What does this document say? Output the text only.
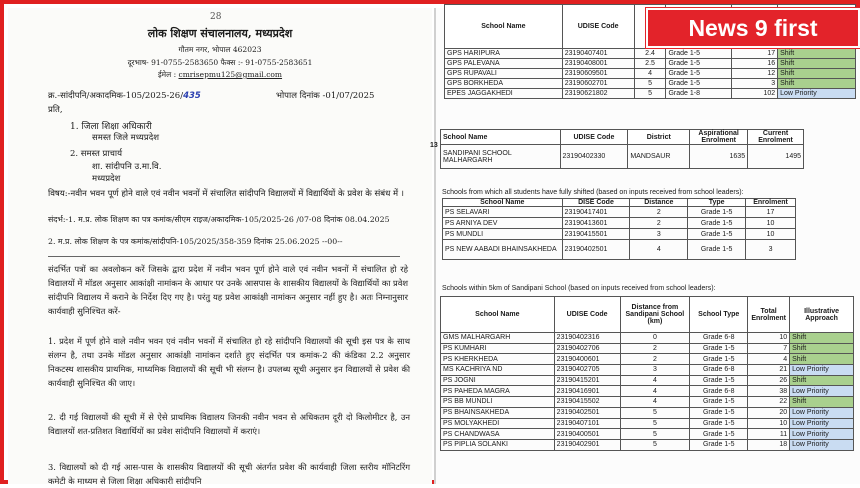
28
लोक शिक्षण संचालनालय, मध्यप्रदेश
गौतम नगर, भोपाल 462023
दूरभाष- 91-0755-2583650 फैक्स :- 91-0755-2583651
ईमेल : cmrisepmu125@gmail.com
क्र.-सांदीपनि/अकादमिक-105/2025-26/435	भोपाल दिनांक -01/07/2025
प्रति,
1. जिला शिक्षा अधिकारी
समस्त जिले मध्यप्रदेश
2. समस्त प्राचार्य
शा. सांदीपनि उ.मा.वि.
मध्यप्रदेश
विषय:-नवीन भवन पूर्ण होने वाले एवं नवीन भवनों में संचालित सांदीपनि विद्यालयों में विद्यार्थियों के प्रवेश के संबंध में ।
संदर्भ:-1. म.प्र. लोक शिक्षण का पत्र कमांक/सीएम राइज/अकादमिक-105/2025-26 /07-08 दिनांक 08.04.2025
2. म.प्र. लोक शिक्षण के पत्र कमांक/सांदीपनि-105/2025/358-359 दिनांक 25.06.2025 --00--
संदर्भित पत्रों का अवलोकन करें जिसके द्वारा प्रदेश में नवीन भवन पूर्ण होने वाले एवं नवीन भवनों में संचालित हो रहे विद्यालयों में मॉडल अनुसार आकांक्षी नामांकन के आधार पर उनके आसपास के शासकीय विद्यालयों के विद्यार्थियों का प्रवेश सांदीपनि विद्यालय में कराने के निर्देश दिए गए है। परंतु यह प्रवेश आकांक्षी नामांकन अनुसार नहीं हुए है। अतः निम्नानुसार कार्यवाही सुनिश्चित करें-
1. प्रदेश में पूर्ण होने वाले नवीन भवन एवं नवीन भवनों में संचालित हो रहे सांदीपनि विद्यालयों की सूची इस पत्र के साथ संलग्न है, तथा उनके मॉडल अनुसार आकांक्षी नामांकन दर्शाते हुए संदर्भित पत्र कमांक-2 की कंडिका 2.2 अनुसार निकटस्थ शासकीय प्राथमिक, माध्यमिक विद्यालयों की सूची भी संलग्न है। उपलब्ध सूची अनुसार इन विद्यालयों से प्रवेश की कार्यवाही सुनिश्चित की जाए।
2. दी गई विद्यालयों की सूची में से ऐसे प्राथमिक विद्यालय जिनकी नवीन भवन से अधिकतम दूरी दो किलोमीटर है, उन विद्यालयों शत-प्रतिशत विद्यार्थियों का प्रवेश सांदीपनि विद्यालयों में कराएं।
3. विद्यालयों को दी गई आस-पास के शासकीय विद्यालयों की सूची अंतर्गत प्रवेश की कार्यवाही जिला स्तरीय मॉनिटरिंग कमेटी के माध्यम से जिला शिक्षा अधिकारी सांदीपनि
School Name	UDISE Code				
GPS HARIPURA	23190407401	2.4	Grade 1-5	17	Shift
GPS PALEVANA	23190408001	2.5	Grade 1-5	16	Shift
GPS RUPAVALI	23190609501	4	Grade 1-5	12	Shift
GPS BORKHEDA	23190602701	5	Grade 1-5	3	Shift
EPES JAGGAKHEDI	23190621802	5	Grade 1-8	102	Low Priority
13
School Name	UDISE Code	District	Aspirational Enrolment	Current Enrolment
SANDIPANI SCHOOL MALHARGARH	23190402330	MANDSAUR	1635	1495
Schools from which all students have fully shifted (based on inputs received from school leaders):
School Name	DISE Code	Distance	Type	Enrolment
PS SELAVARI	23190417401	2	Grade 1-5	17
PS ARNIYA DEV	23190413601	2	Grade 1-5	10
PS MUNDLI	23190415501	3	Grade 1-5	10
PS NEW AABADI BHAINSAKHEDA	23190402501	4	Grade 1-5	3
Schools within 5km of Sandipani School (based on inputs received from school leaders):
School Name	UDISE Code	Distance from Sandipani School (km)	School Type	Total Enrolment	Illustrative Approach
GMS MALHARGARH	23190402316	0	Grade 6-8	10	Shift
PS KUMHARI	23190402706	2	Grade 1-5	7	Shift
PS KHERKHEDA	23190400601	2	Grade 1-5	4	Shift
MS KACHRIYA ND	23190402705	3	Grade 6-8	21	Low Priority
PS JOGNI	23190415201	4	Grade 1-5	26	Shift
PS PAHEDA MAGRA	23190416901	4	Grade 6-8	38	Low Priority
PS BB MUNDLI	23190415502	4	Grade 1-5	22	Shift
PS BHAINSAKHEDA	23190402501	5	Grade 1-5	20	Low Priority
PS MOLYAKHEDI	23190407101	5	Grade 1-5	10	Low Priority
PS CHANDWASA	23190400501	5	Grade 1-5	11	Low Priority
PS PIPLIA SOLANKI	23190402901	5	Grade 1-5	18	Low Priority
News 9 first
